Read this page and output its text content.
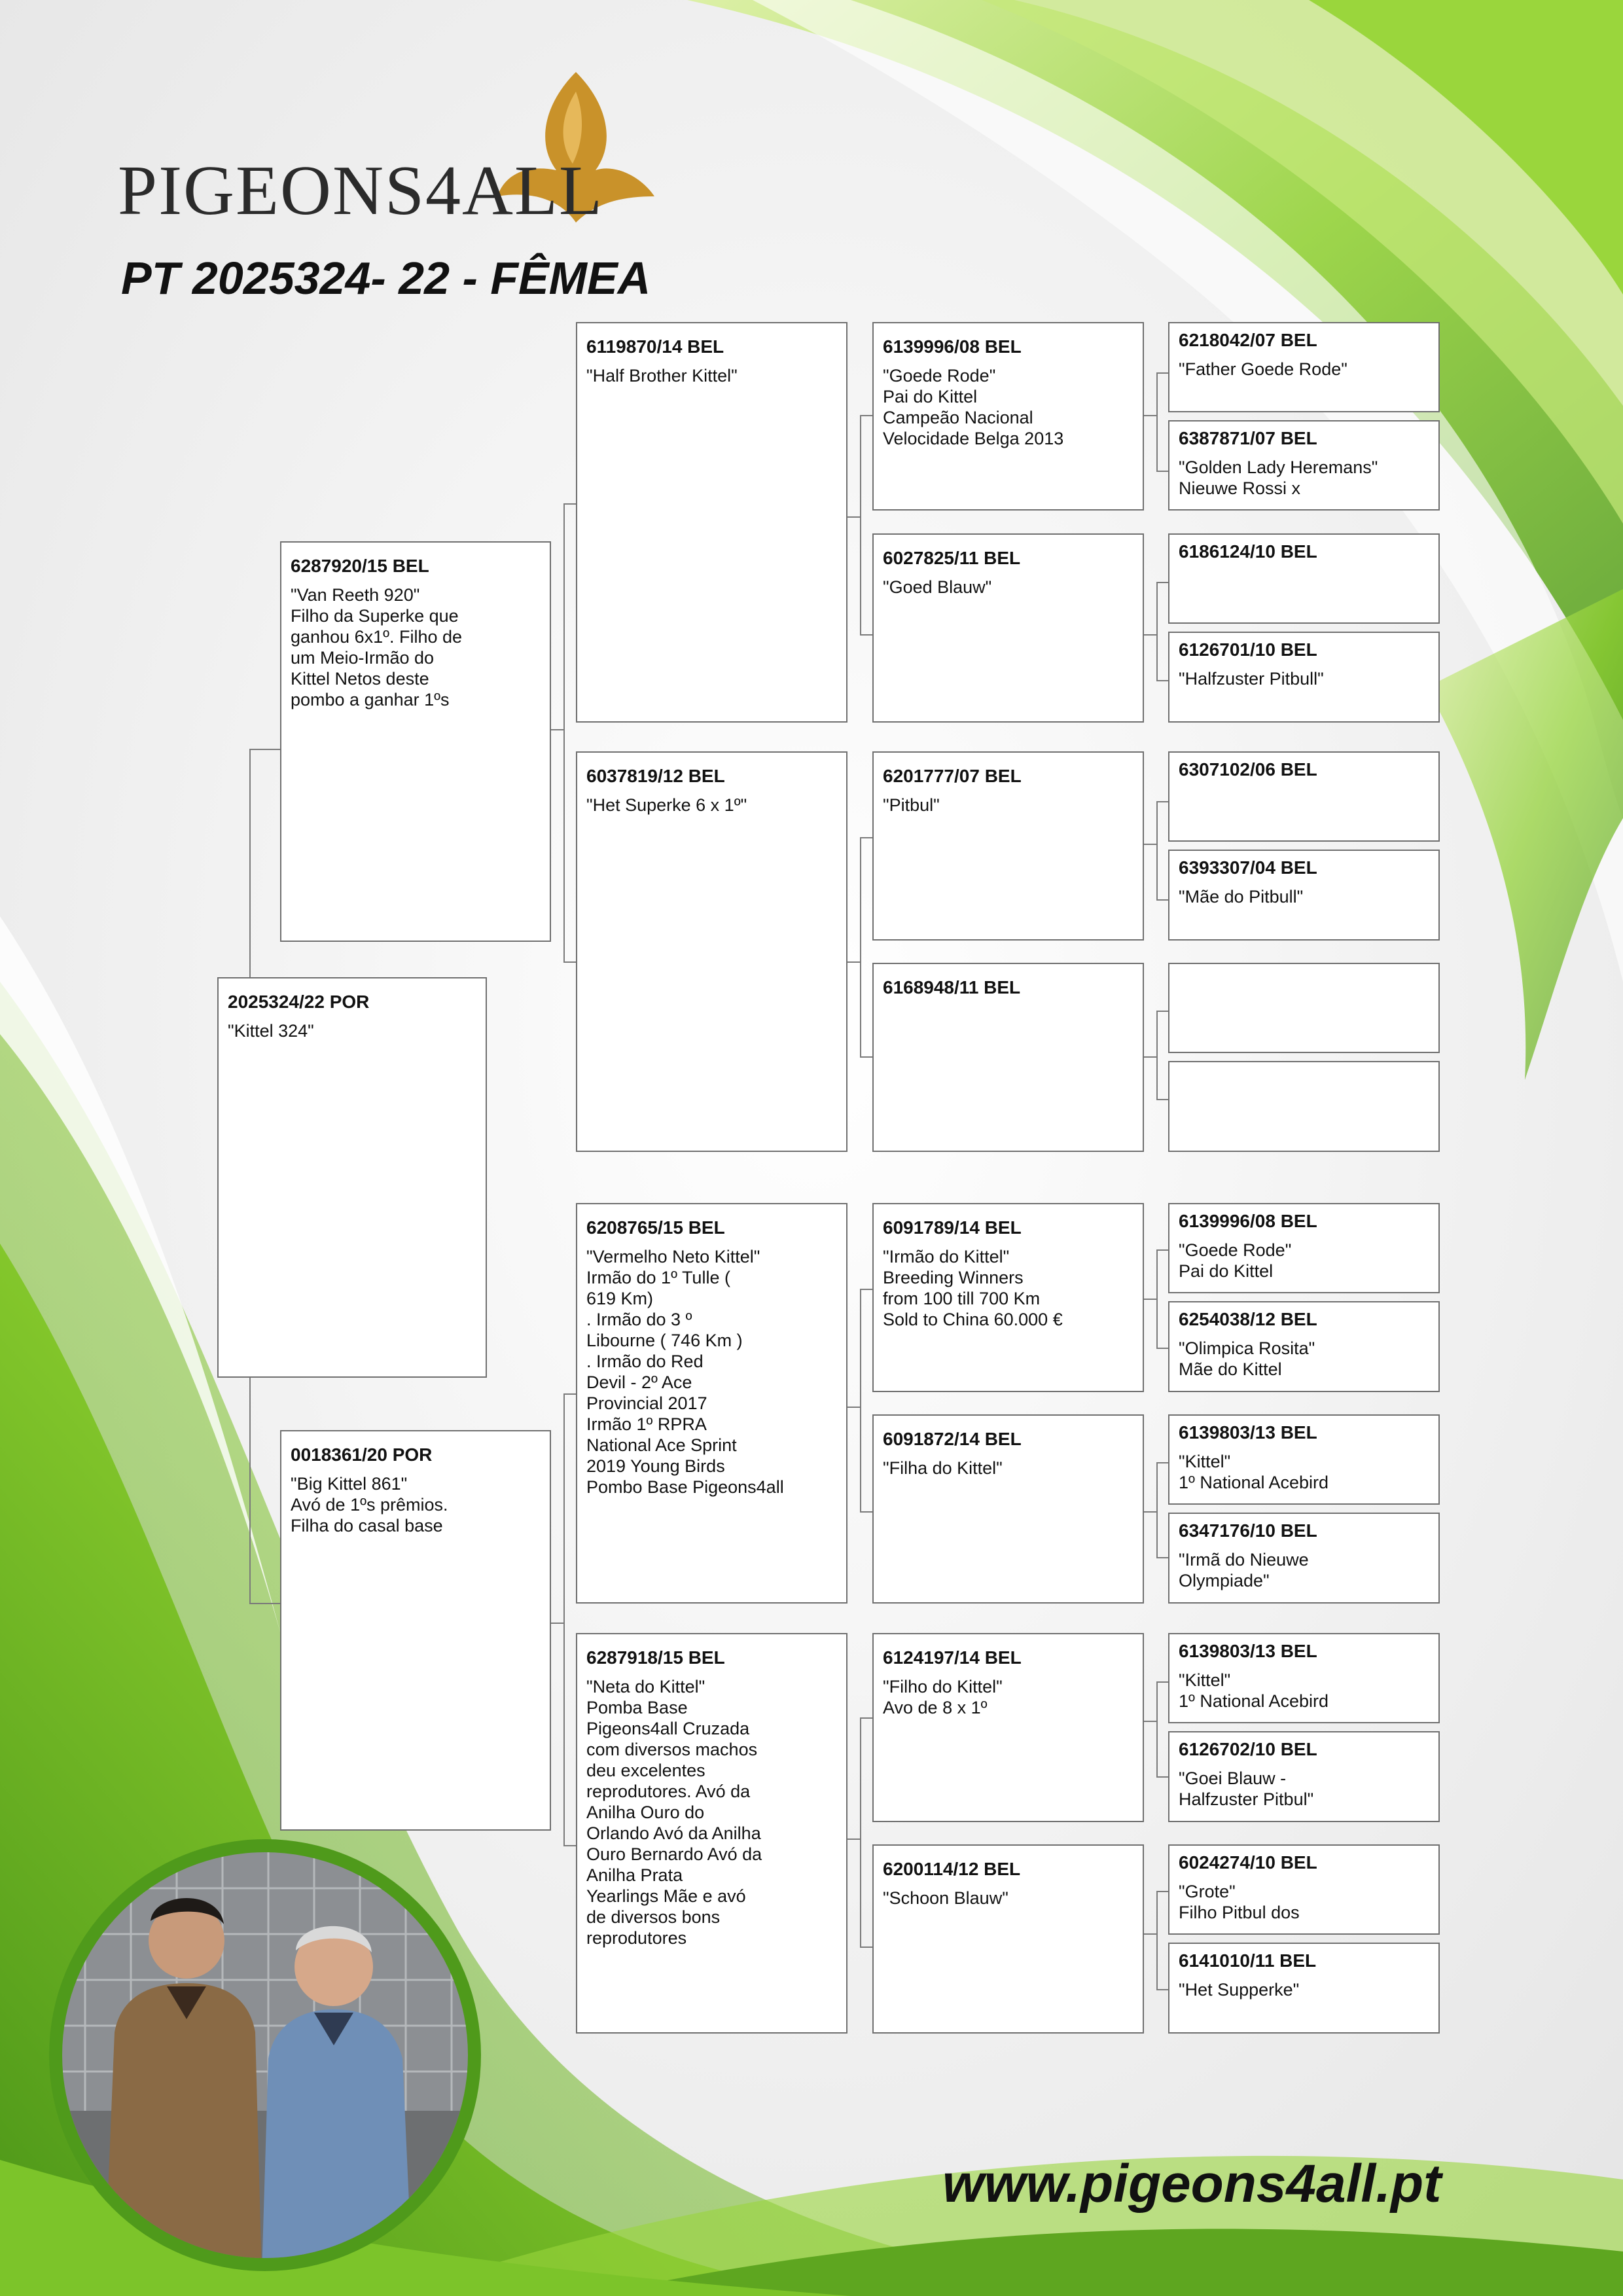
PIGEONS4ALL
PT 2025324- 22 - FÊMEA
2025324/22 POR
"Kittel 324"
6287920/15 BEL
"Van Reeth 920"
Filho da Superke que
ganhou 6x1º. Filho de
um Meio-Irmão do
Kittel Netos deste
pombo a ganhar 1ºs
0018361/20 POR
"Big Kittel 861"
Avó de 1ºs prêmios.
Filha do casal base
6119870/14 BEL
"Half Brother Kittel"
6037819/12 BEL
"Het Superke 6 x 1º"
6208765/15 BEL
"Vermelho Neto Kittel"
Irmão do 1º Tulle (
619 Km)
. Irmão do 3 º
Libourne ( 746 Km )
. Irmão do Red
Devil - 2º Ace
Provincial 2017
Irmão 1º RPRA
National Ace Sprint
2019 Young Birds
Pombo Base Pigeons4all
6287918/15 BEL
"Neta do Kittel"
Pomba Base
Pigeons4all Cruzada
com diversos machos
deu excelentes
reprodutores. Avó da
Anilha Ouro do
Orlando Avó da Anilha
Ouro Bernardo Avó da
Anilha Prata
Yearlings Mãe e avó
de diversos bons
reprodutores
6139996/08 BEL
"Goede Rode"
Pai do Kittel
Campeão Nacional
Velocidade Belga 2013
6027825/11 BEL
"Goed Blauw"
6201777/07 BEL
"Pitbul"
6168948/11 BEL
6091789/14 BEL
"Irmão do Kittel"
Breeding Winners
from 100 till 700 Km
Sold to China 60.000 €
6091872/14 BEL
"Filha do Kittel"
6124197/14 BEL
"Filho do Kittel"
Avo de 8 x 1º
6200114/12 BEL
"Schoon Blauw"
6218042/07 BEL
"Father Goede Rode"
6387871/07 BEL
"Golden Lady Heremans"
Nieuwe Rossi x
6186124/10 BEL
6126701/10 BEL
"Halfzuster Pitbull"
6307102/06 BEL
6393307/04 BEL
"Mãe do Pitbull"
6139996/08 BEL
"Goede Rode"
Pai do Kittel
6254038/12 BEL
"Olimpica Rosita"
Mãe do Kittel
6139803/13 BEL
"Kittel"
1º National Acebird
6347176/10 BEL
"Irmã do Nieuwe
Olympiade"
6139803/13 BEL
"Kittel"
1º National Acebird
6126702/10 BEL
"Goei Blauw -
Halfzuster Pitbul"
6024274/10 BEL
"Grote"
Filho Pitbul dos
6141010/11 BEL
"Het Supperke"
www.pigeons4all.pt
